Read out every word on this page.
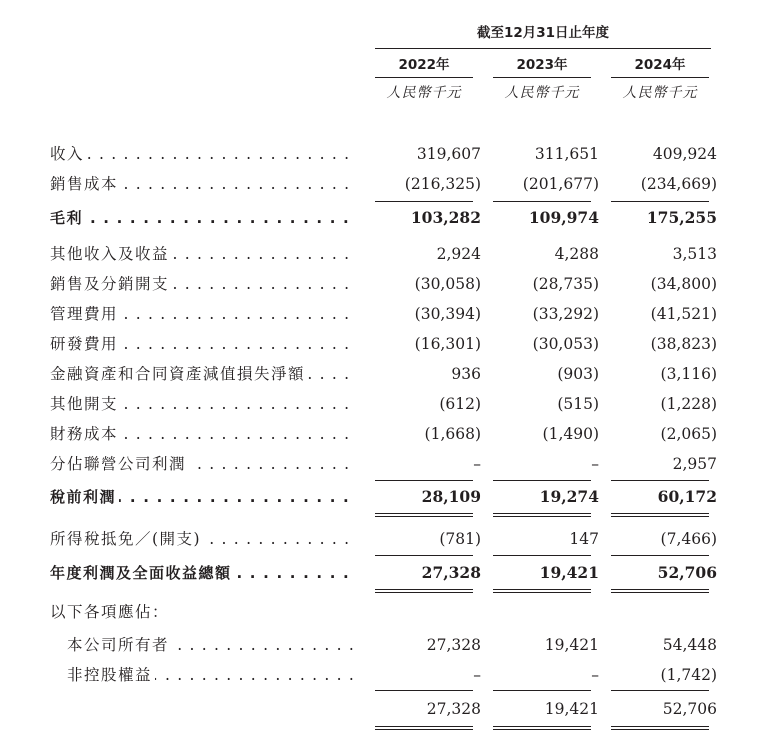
截至12月31日止年度
2022年	2023年	2024年
人民幣千元	人民幣千元	人民幣千元
收入 . . .	319,607	311,651	409,924
銷售成本 . . .	(216,325)	(201,677)	(234,669)
毛利 . . .	103,282	109,974	175,255
其他收入及收益 . . .	2,924	4,288	3,513
銷售及分銷開支 . . .	(30,058)	(28,735)	(34,800)
管理費用 . . .	(30,394)	(33,292)	(41,521)
研發費用 . . .	(16,301)	(30,053)	(38,823)
金融資產和合同資產減值損失淨額 . . .	936	(903)	(3,116)
其他開支 . . .	(612)	(515)	(1,228)
財務成本 . . .	(1,668)	(1,490)	(2,065)
分佔聯營公司利潤 . . .	–	–	2,957
稅前利潤 . . .	28,109	19,274	60,172
所得稅抵免／(開支) . . .	(781)	147	(7,466)
年度利潤及全面收益總額 . . .	27,328	19,421	52,706
以下各項應佔：
本公司所有者 . . .	27,328	19,421	54,448
非控股權益 . . .	–	–	(1,742)
27,328	19,421	52,706
